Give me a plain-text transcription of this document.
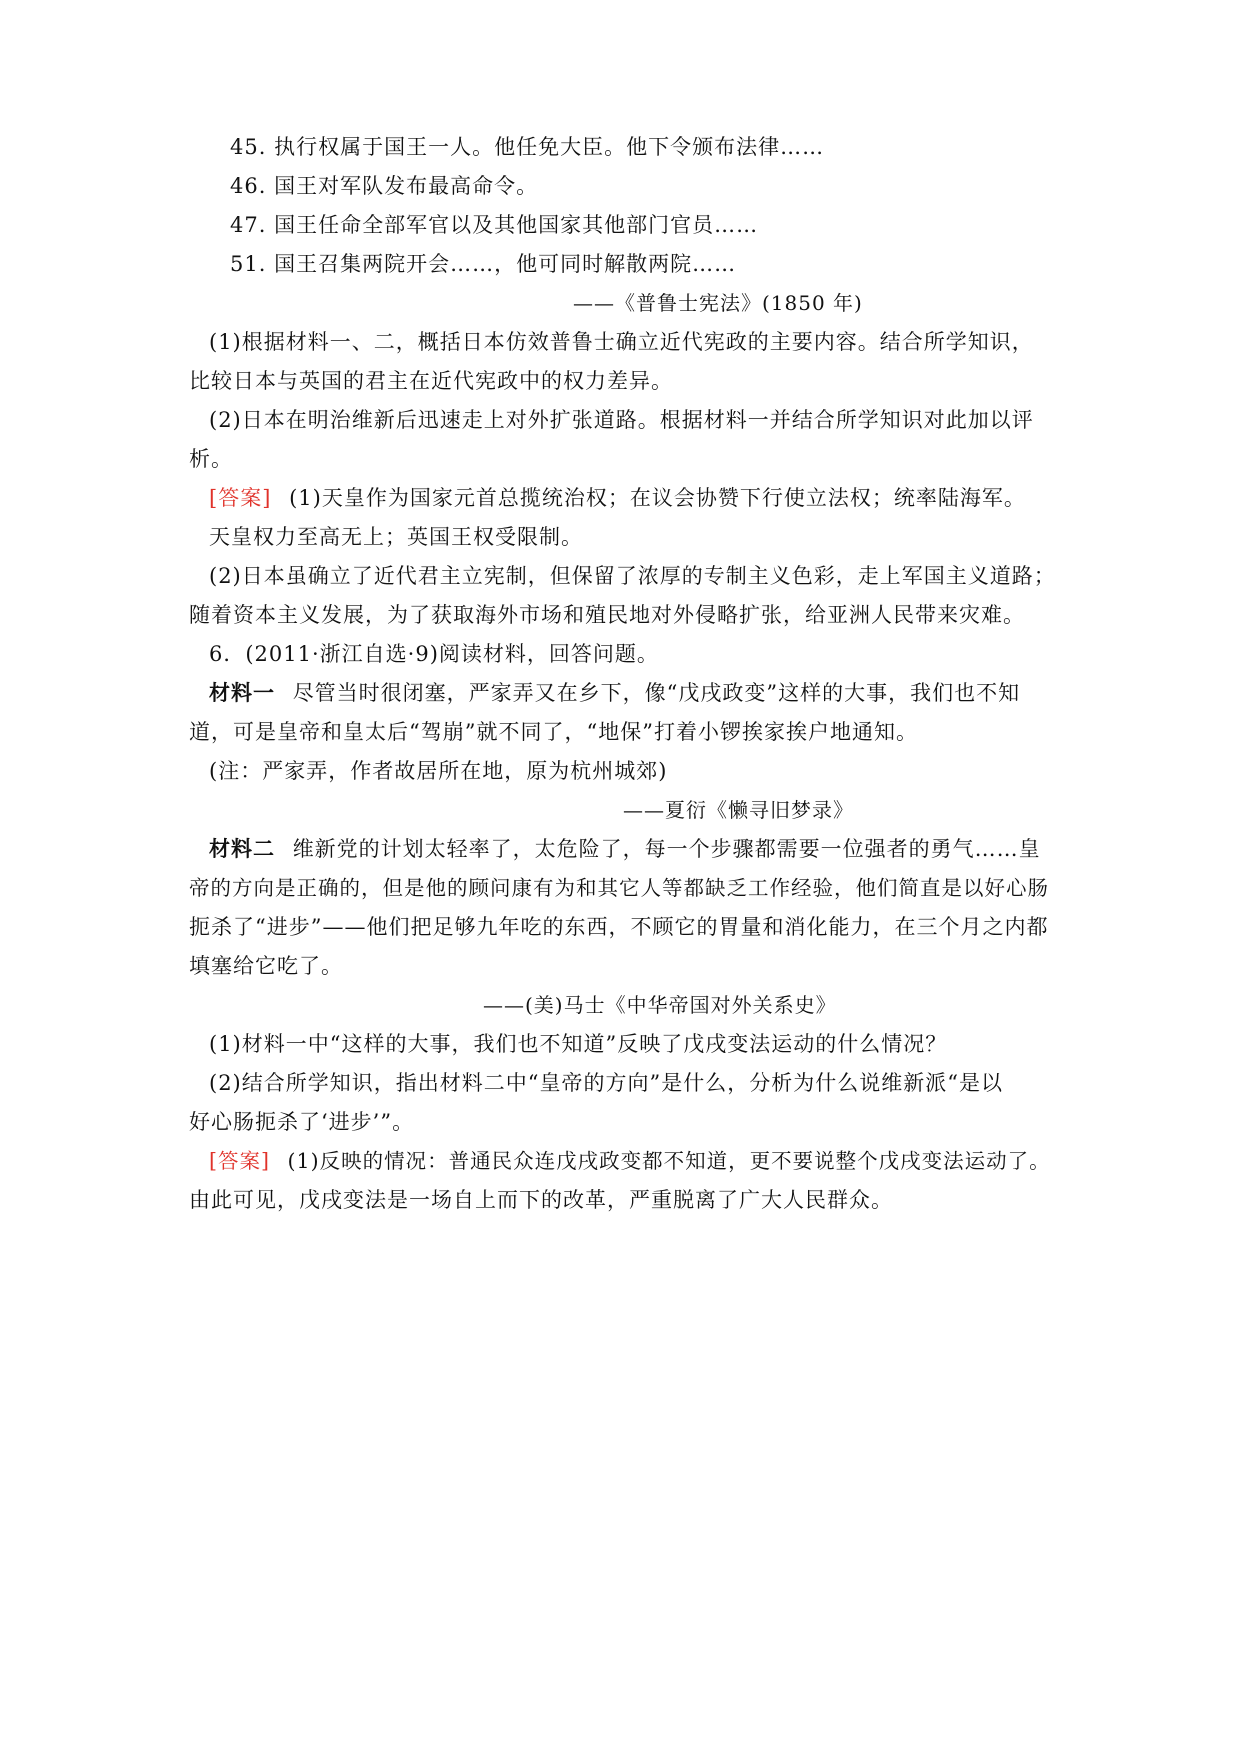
45. 执行权属于国王一人。他任免大臣。他下令颁布法律……
46. 国王对军队发布最高命令。
47. 国王任命全部军官以及其他国家其他部门官员……
51. 国王召集两院开会……，他可同时解散两院……
——《普鲁士宪法》(1850 年)
(1)根据材料一、二，概括日本仿效普鲁士确立近代宪政的主要内容。结合所学知识，
比较日本与英国的君主在近代宪政中的权力差异。
(2)日本在明治维新后迅速走上对外扩张道路。根据材料一并结合所学知识对此加以评
析。
[答案] (1)天皇作为国家元首总揽统治权；在议会协赞下行使立法权；统率陆海军。
天皇权力至高无上；英国王权受限制。
(2)日本虽确立了近代君主立宪制，但保留了浓厚的专制主义色彩，走上军国主义道路；
随着资本主义发展，为了获取海外市场和殖民地对外侵略扩张，给亚洲人民带来灾难。
6．(2011·浙江自选·9)阅读材料，回答问题。
材料一 尽管当时很闭塞，严家弄又在乡下，像“戊戌政变”这样的大事，我们也不知
道，可是皇帝和皇太后“驾崩”就不同了，“地保”打着小锣挨家挨户地通知。
(注：严家弄，作者故居所在地，原为杭州城郊)
——夏衍《懒寻旧梦录》
材料二 维新党的计划太轻率了，太危险了，每一个步骤都需要一位强者的勇气……皇
帝的方向是正确的，但是他的顾问康有为和其它人等都缺乏工作经验，他们简直是以好心肠
扼杀了“进步”——他们把足够九年吃的东西，不顾它的胃量和消化能力，在三个月之内都
填塞给它吃了。
——(美)马士《中华帝国对外关系史》
(1)材料一中“这样的大事，我们也不知道”反映了戊戌变法运动的什么情况？
(2)结合所学知识，指出材料二中“皇帝的方向”是什么，分析为什么说维新派“是以
好心肠扼杀了‘进步’”。
[答案] (1)反映的情况：普通民众连戊戌政变都不知道，更不要说整个戊戌变法运动了。
由此可见，戊戌变法是一场自上而下的改革，严重脱离了广大人民群众。
